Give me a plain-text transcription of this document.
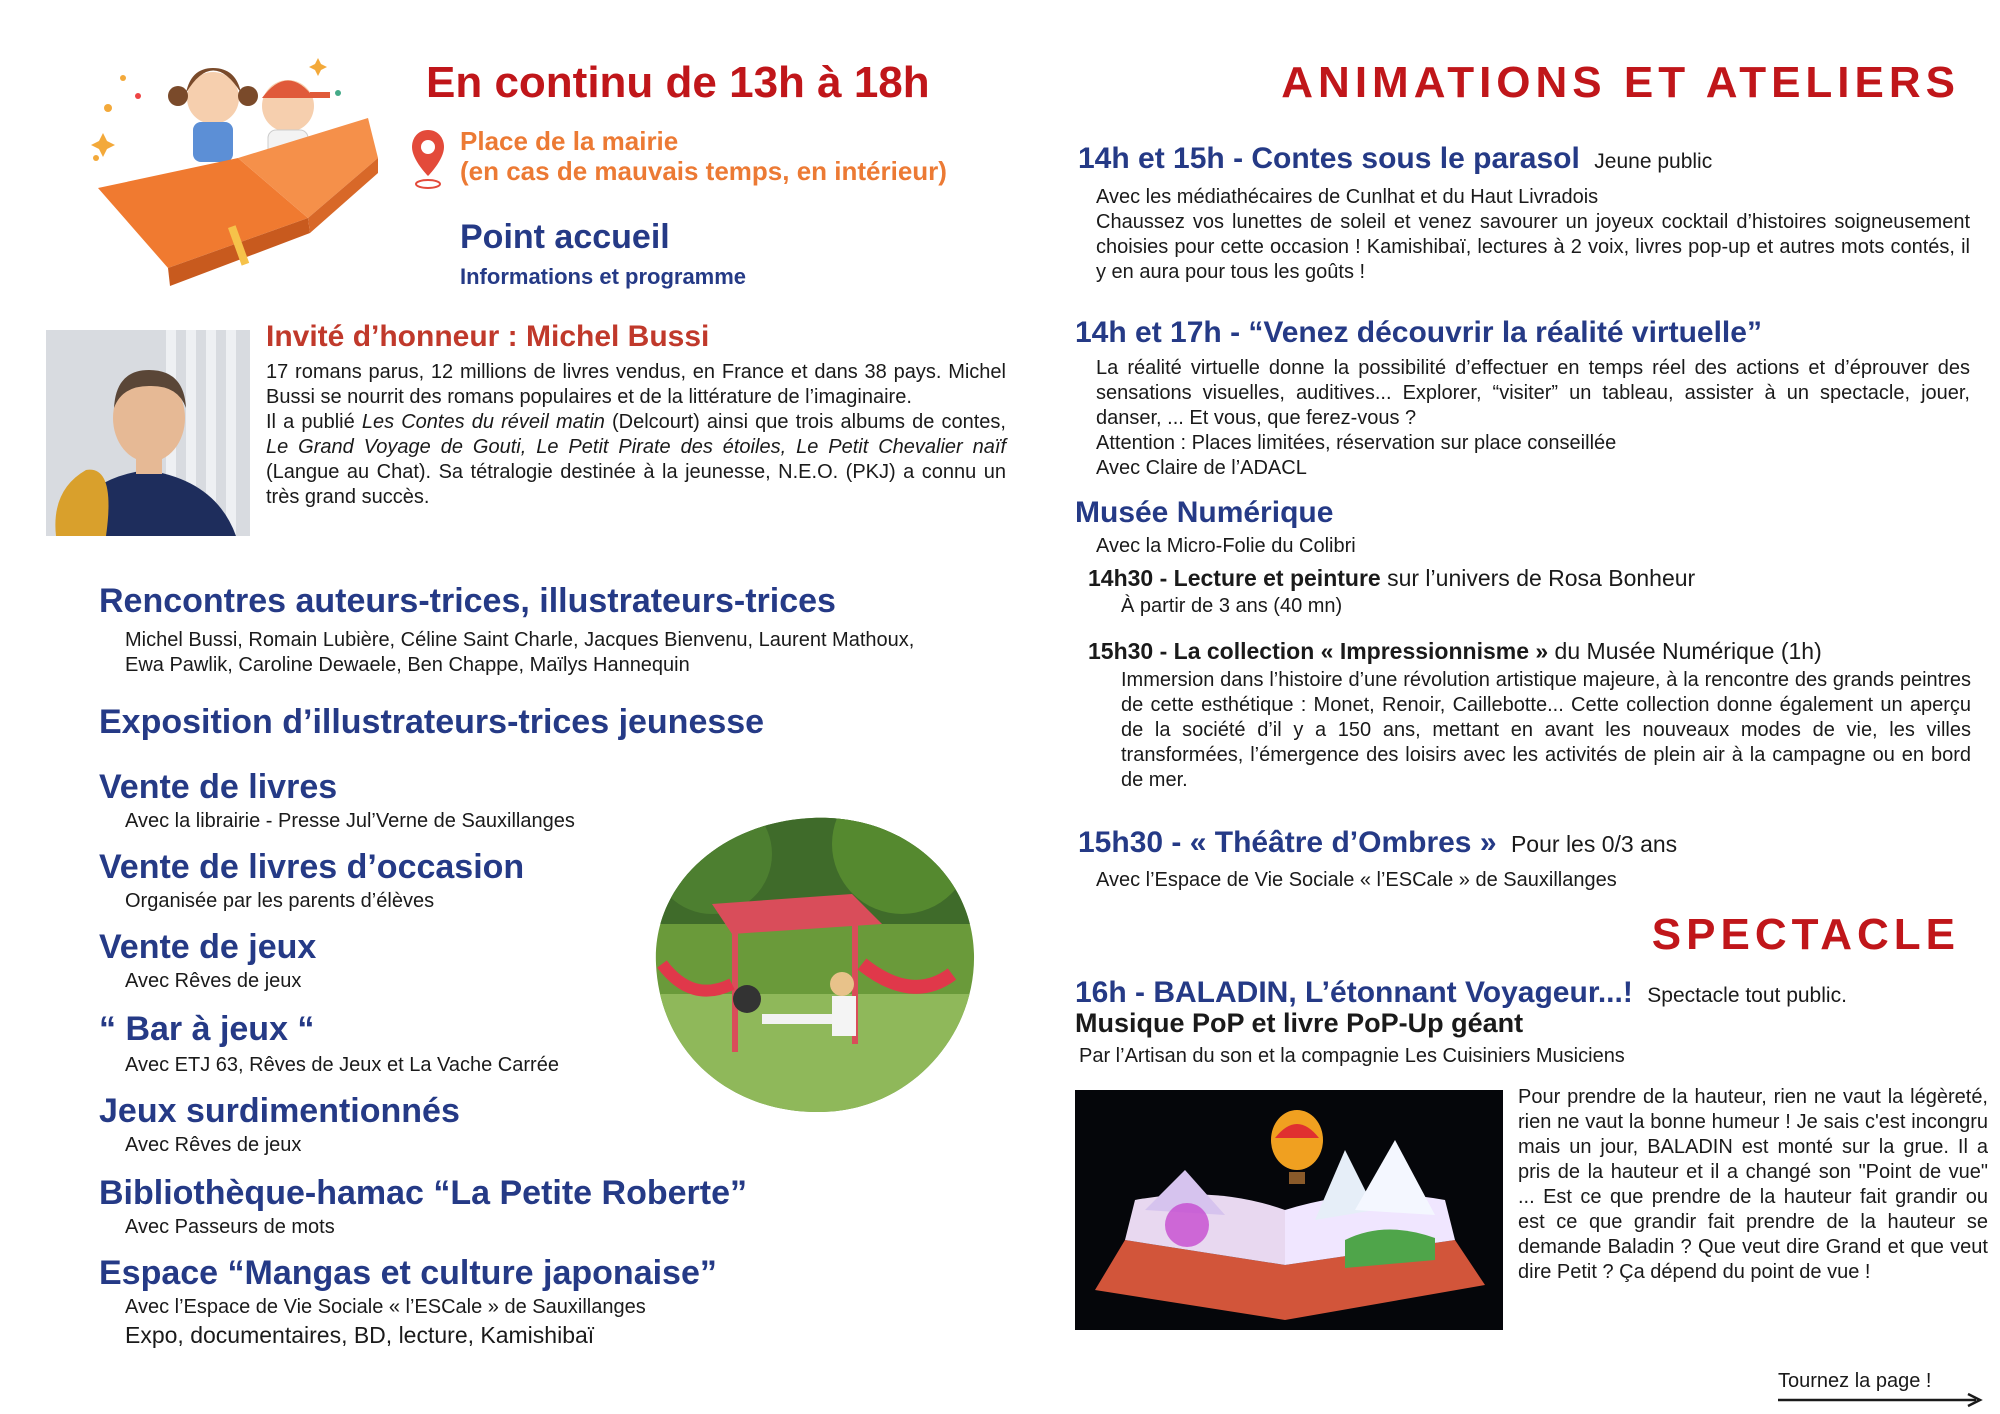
En continu de 13h à 18h
Place de la mairie
(en cas de mauvais temps, en intérieur)
Point accueil
Informations et programme
Invité d’honneur : Michel Bussi

17 romans parus, 12 millions de livres vendus, en France et dans 38 pays. Michel Bussi se nourrit des romans populaires et de la littérature de l’imaginaire.

Il a publié Les Contes du réveil matin (Delcourt) ainsi que trois albums de contes, Le Grand Voyage de Gouti, Le Petit Pirate des étoiles, Le Petit Chevalier naïf (Langue au Chat). Sa tétralogie destinée à la jeunesse, N.E.O. (PKJ) a connu un très grand succès.

Rencontres auteurs-trices, illustrateurs-trices
Michel Bussi, Romain Lubière, Céline Saint Charle, Jacques Bienvenu, Laurent Mathoux, Ewa Pawlik, Caroline Dewaele, Ben Chappe, Maïlys Hannequin
Exposition d’illustrateurs-trices jeunesse
Vente de livres
Avec la librairie - Presse Jul’Verne de Sauxillanges
Vente de livres d’occasion
Organisée par les parents d’élèves
Vente de jeux
Avec Rêves de jeux
“ Bar à jeux “
Avec ETJ 63, Rêves de Jeux et La Vache Carrée
Jeux surdimentionnés
Avec Rêves de jeux
Bibliothèque-hamac “La Petite Roberte”
Avec Passeurs de mots
Espace “Mangas et culture japonaise”
Avec l’Espace de Vie Sociale « l’ESCale » de Sauxillanges
Expo, documentaires, BD, lecture, Kamishibaï
ANIMATIONS ET ATELIERS
14h et 15h - Contes sous le parasol Jeune public
Avec les médiathécaires de Cunlhat et du Haut Livradois
Chaussez vos lunettes de soleil et venez savourer un joyeux cocktail d’histoires soigneusement choisies pour cette occasion ! Kamishibaï, lectures à 2 voix, livres pop-up et autres mots contés, il y en aura pour tous les goûts !
14h et 17h - “Venez découvrir la réalité virtuelle”
La réalité virtuelle donne la possibilité d’effectuer en temps réel des actions et d’éprouver des sensations visuelles, auditives... Explorer, “visiter” un tableau, assister à un spectacle, jouer, danser, ... Et vous, que ferez-vous ?
Attention : Places limitées, réservation sur place conseillée
Avec Claire de l’ADACL
Musée Numérique
Avec la Micro-Folie du Colibri
14h30 - Lecture et peinture sur l’univers de Rosa Bonheur
À partir de 3 ans (40 mn)
15h30 - La collection « Impressionnisme » du Musée Numérique (1h)
Immersion dans l’histoire d’une révolution artistique majeure, à la rencontre des grands peintres de cette esthétique : Monet, Renoir, Caillebotte... Cette collection donne également un aperçu de la société d’il y a 150 ans, mettant en avant les nouveaux modes de vie, les villes transformées, l’émergence des loisirs avec les activités de plein air à la campagne ou en bord de mer.
15h30 - « Théâtre d’Ombres » Pour les 0/3 ans
Avec l’Espace de Vie Sociale « l’ESCale » de Sauxillanges
SPECTACLE
16h - BALADIN, L’étonnant Voyageur...! Spectacle tout public.
Musique PoP et livre PoP-Up géant
Par l’Artisan du son et la compagnie Les Cuisiniers Musiciens
Pour prendre de la hauteur, rien ne vaut la légèreté, rien ne vaut la bonne humeur ! Je sais c'est incongru mais un jour, BALADIN est monté sur la grue. Il a pris de la hauteur et il a changé son "Point de vue" ... Est ce que prendre de la hauteur fait grandir ou est ce que grandir fait prendre de la hauteur se demande Baladin ? Que veut dire Grand et que veut dire Petit ? Ça dépend du point de vue !
Tournez la page !
